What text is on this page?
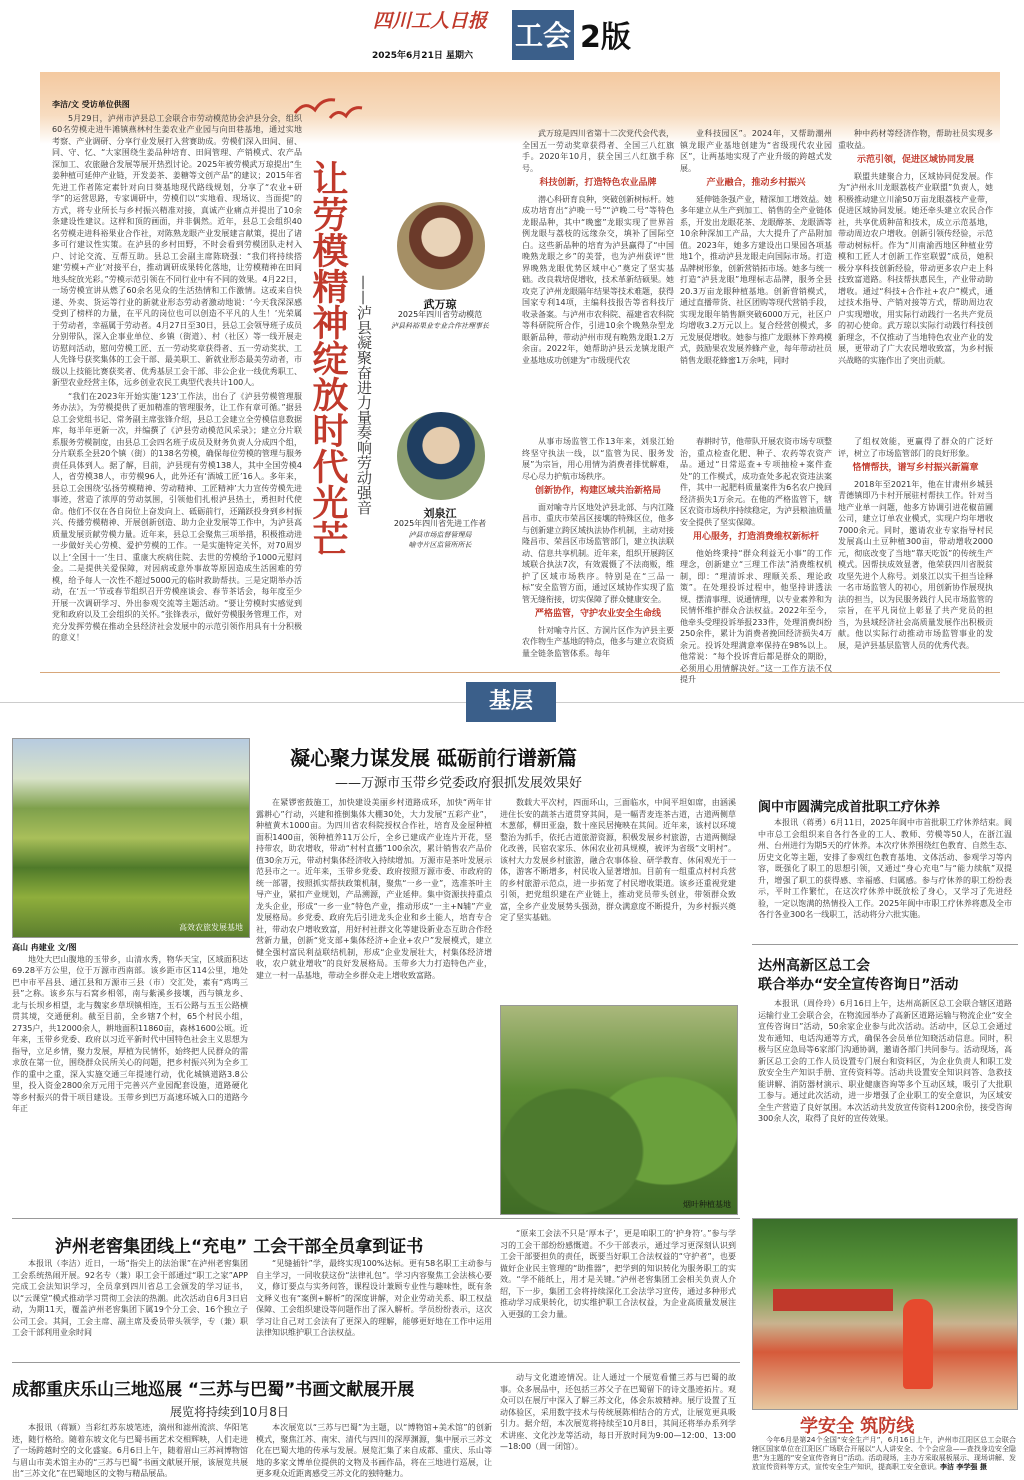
四川工人日报
2025年6月21日 星期六
工会 2版
李洁/文 受访单位供图

5月29日，泸州市泸县总工会联合市劳动模范协会泸县分会，组织60名劳模走进牛滩镇燕林村生姜农业产业园与向田巷基地，通过实地考察、产业调研、分享行业发展打入营赛助成。劳模们深入田间、留、同、守、忆、“大家围绕生姜品种培育、田间管理、产销模式、农产品深加工、农旅融合发展等展开热烈讨论。2025年被劳模武万琼提出“生姜种植可延伸产业链，开发姜茶、姜糖等文创产品”的建议；2015年省先进工作者陈定素针对向日葵基地现代路线规划，分享了“农业+研学”的运营思路，专家调研中，劳模们以“实地看、现场议、当面提”的方式，将专业所长与乡村振兴精准对接，真诚产业痛点并提出了10余条建设性建议。这样和顶的画面，并非偶然。近年，县总工会组织40名劳模走进科裕果业合作社，对陈熟龙眼产业发展建言献策，提出了诸多可行建议性实策。在泸县的乡村田野，不时会看到劳模团队走村入户、讨论交流、互帮互助。县总工会副主席陈晓强：“我们将持续搭建‘劳模+产业’对接平台，推动调研成果转化落地，让劳模精神在田间地头绽放光彩。”劳模示范引领在不同行业中有不同的效果。4月22日，一场劳模宣讲从燃了60余名见众的生活热情和工作激情。这或来自快递、外卖、货运等行业的新就业形态劳动者激动地说：‘今天我深深感受到了榜样的力量，在平凡的岗位也可以创造不平凡的人生！’光荣属于劳动者，幸福属于劳动者。4月27日至30日，县总工会领导班子成员分别带队，深入企事业单位、乡镇（街道）、村（社区）等一线开展走访慰问活动，慰问劳模工匠、五一劳动奖章获得者、五一劳动奖状、工人先锋号获奖集体的工会干部、最美职工、新就业形态最美劳动者，市级以上技能比赛获奖者、优秀基层工会干部、非公企业一线优秀职工、新型农业经营主体，远乡创业农民工典型代表共计100人。

“我们在2023年开始实施‘123’工作法，出台了《泸县劳模管理服务办法》，为劳模提供了更加精准的管理服务，让工作有章可循。”据县总工会党组书记、常务副主席张锋介绍，县总工会建立全劳模信息数据库，每半年更新一次，并编撰了《泸县劳动模范风采录》；建立分片联系服务劳模制度，由县总工会四名班子成员及财务负责人分成四个组，分片联系全县20个镇（街）的138名劳模，确保每位劳模的管理与服务责任具体到人。据了解，目前，泸县现有劳模138人，其中全国劳模4人，省劳模38人，市劳模96人，此外还有‘酒城工匠’16人。多年来，县总工会围绕‘弘扬劳模精神、劳动精神、工匠精神’大力宣传劳模先进事迹，营造了浓厚的劳动氛围，引领他们扎根泸县热土，勇担时代使命。他们不仅在各自岗位上奋发向上、砥砺前行，还踊跃投身到乡村振兴、传播劳模精神、开展创新创造、助力企业发展等工作中，为泸县高质量发展贡献劳模力量。近年来，县总工会聚焦三项举措，积极推动进一步做好关心劳模、爱护劳模的工作。一是实施特定关怀，对70周岁以上‘全国十一’生日、重康大疾病住院、去世的劳模给予1000元慰问金。二是提供关爱保障，对因病或意外事故等原因造成生活困难的劳模，给予每人一次性不超过5000元的临时救助帮扶。三是定期举办活动，在‘五一’节或春节组织召开劳模座谈会、春节茶话会，每年度至少开展一次调研学习、外出参观交流等主题活动。“要让劳模时实感觉到党和政府以及工会组织的关怀。”张锋表示，做好劳模服务管理工作，对充分发挥劳模在推动全县经济社会发展中的示范引领作用具有十分积极的意义！

让劳模精神绽放时代光芒 ——泸县凝聚奋进力量奏响劳动强音	武万琼
2025年四川省劳动模范
泸县科裕果业专业合作社理事长
刘泉江
2025年四川省先进工作者
泸县市场监督管理局
喻寺片区监管所所长

武万琼是四川省第十二次党代会代表，全国五一劳动奖章获得者、全国三八红旗手。2020年10月，获全国三八红旗手称号。

科技创新，打造特色农业品牌

潜心科研育良种，突破创新树标杆。她成功培育出“泸晚一号”“泸晚二号”等特色龙眼品种，其中“晚蜜”龙眼实现了世界首例龙眼与荔枝的远缘杂交，填补了国际空白。这些新品种的培育为泸县赢得了“中国晚熟龙眼之乡”的美誉，也为泸州获评“世界晚熟龙眼优势区域中心”奠定了坚实基础。改良栽培促增收，技术革新结硕果。她攻克了泸州龙眼隔年结果等技术难题，获得国家专利14项，主编科技报告等省科技厅收录备案。与泸州市农科院、福建省农科院等科研院所合作，引进10余个晚熟杂型龙眼新品种，带动泸州市现有晚熟龙眼1.2万余亩。2022年，她帮助泸县云龙镇龙眼产业基地成功创建为“市级现代农

业科技园区”。2024年，又帮助潮州镇龙眼产业基地创建为“省级现代农业园区”，让两基地实现了产业升级的跨越式发展。

产业融合，推动乡村振兴

延伸链条强产业，精深加工增效益。她多年建立从生产到加工、销售的全产业链体系，开发出龙眼花茶、龙眼醇茶、龙眼酒等10余种深加工产品，大大提升了产品附加值。2023年，她多方建设出口果园各项基地1个，推动泸县龙眼走向国际市场。打造品牌树形象，创新营销拓市场。她多与统一打造“泸县龙眼”地理标志品牌，服务全县20.3万亩龙眼种植基地。创新营销模式，通过直播带货、社区团购等现代营销手段，实现龙眼年销售额突破6000万元，社区户均增收3.2万元以上。复合经营创模式，多元发展促增收。她参与推广龙眼林下养鸡模式，鼓励果农发展养蜂产业，每年带动社员销售龙眼花蜂蜜1万余吨，同时

种中药材等经济作物，帮助社员实现多重收益。

示范引领，促进区域协同发展

联盟共建聚合力，区域协同促发展。作为“泸州永川龙眼荔枝产业联盟”负责人，她积极推动建立川渝50万亩龙眼荔枝产业带，促进区域协同发展。她还牵头建立农民合作社，共享优质种苗和技术，成立示范基地，带动周边农户增收。创新引领传经验，示范带动树标杆。作为“川南渝西地区种植业劳模和工匠人才创新工作室联盟”成员，她积极分享科技创新经验，带动更多农户走上科技致富道路。科技帮扶惠民生，产业带动助增收。通过“科技+合作社+农户”模式，通过技术指导、产销对接等方式，帮助周边农户实现增收，用实际行动践行一名共产党员的初心使命。武万琼以实际行动践行科技创新理念，不仅推动了当地特色农业产业的发展，更带动了广大农民增收致富，为乡村振兴战略的实施作出了突出贡献。

从事市场监管工作13年来，刘泉江始终坚守执法一线，以“监管为民、服务发展”为宗旨，用心用情为消费者排忧解难，尽心尽力护航市场秩序。

创新协作，构建区域共治新格局

面对喻寺片区地处泸县北部、与内江隆昌市、重庆市荣昌区接壤的特殊区位，他多与创新建立跨区域执法协作机制，主动对接隆昌市、荣昌区市场监管部门，建立执法联动、信息共享机制。近年来，组织开展跨区域联合执法7次，有效震慑了不法商贩，维护了区域市场秩序。特别是在“三品一标”安全监管方面，通过区域协作实现了监管无缝衔接，切实保障了群众健康安全。

严格监管，守护农业安全生命线

针对喻寺片区、方洞片区作为泸县主要农作物生产基地的特点，他多与建立农资质量全链条监管体系。每年

春耕时节，他带队开展农资市场专项整治，重点检查化肥、种子、农药等农资产品。通过“日常巡查+专项抽检+案件查处”的工作模式，成功查处多起农资违法案件，其中一起肥料质量案件为6名农户挽回经济损失1万余元。在他的严格监管下，辖区农资市场秩序持续稳定，为泸县粮油质量安全提供了坚实保障。

用心服务，打造消费维权新标杆

他始终秉持“群众利益无小事”的工作理念，创新建立“三理工作法”消费维权机制，即：“理清诉求、理顺关系、理论政策”。在处理投诉过程中，他坚持讲透法规、摆清事理、说通情理，以专业素养和为民情怀维护群众合法权益。2022年至今，他牵头受理投诉举报233件，处理消费纠纷250余件，累计为消费者挽回经济损失4万余元。投诉处理满意率保持在98%以上。他常说：“每个投诉背后都是群众的期盼，必须用心用情解决好。”这一工作方法不仅提升

了组权效能，更赢得了群众的广泛好评，树立了市场监管部门的良好形象。

恪情帮扶，谱写乡村振兴新篇章

2018年至2021年，他在甘肃州乡城县青德镇即乃卡村开展驻村帮扶工作。针对当地产业单一问题，他多方协调引进花椒苗圃公司，建立订单农业模式，实现户均年增收7000余元。同时，邀请农业专家指导村民发展高山土豆种植300亩，带动增收2000元，彻底改变了当地“靠天吃饭”的传统生产模式。因帮扶成效显著，他荣获四川省脱贫攻坚先进个人称号。刘泉江以实干担当诠释一名市场监管人的初心，用创新协作展现执法的担当，以为民服务践行人民市场监管的宗旨，在平凡岗位上彰显了共产党员的担当，为县域经济社会高质量发展作出积极贡献。他以实际行动推动市场监管事业的发展，是泸县基层监管人员的优秀代表。

基层
凝心聚力谋发展 砥砺前行谱新篇
——万源市玉带乡党委政府狠抓发展效果好
高效农旅发展基地
高山 冉建业 文/图

地处大巴山腹地的玉带乡，山清水秀，物华天宝，区域面积达69.28平方公里，位于万源市西南部。该乡距市区114公里，地处巴中市平昌县、通江县和万源市三县（市）交汇处，素有“鸡鸣三县”之称。该乡东与石窝乡相邻，南与紫溪乡接壤，西与镇龙乡、北与长坝乡相望，北与魏家乡草坝镇相连，玉石公路与五玉公路横贯其境，交通便利。截至目前，全乡辖7个村，65个村民小组，2735户，共12000余人，耕地面积11860亩，森林1600公顷。近年来，玉带乡党委、政府以习近平新时代中国特色社会主义思想为指导，立足乡情，聚力发展，厚植为民情怀，始终把人民群众的需求放在第一位，围绕群众民所关心的问题，把乡村振兴列为全乡工作的重中之重，深入实施交通三年提速行动，优化城镇道路3.8公里，投入资金2800余万元用于完善兴产业园配套设施，道路硬化等乡村振兴的骨干项目建设。玉带乡到巴万高速环城入口的道路今年正

在紧锣密鼓施工，加快建设美丽乡村道路成环，加快“两年甘露耕心”行动，兴建和推倒集体大棚30处，大力发展“五彩产业”，种植黄木1000亩。为四川省农科院授权合作社，培育及金屋种植面积1400亩，领种植养11万公斤，全乡已建成产业连片开花，坚持带农，助农增收，带动“村村直播”100余次，累计销售农产品价值30余万元，带动村集体经济收入持续增加。万源市是茶叶发展示范县市之一。近年来，玉带乡党委、政府按照万源市委、市政府的统一部署，按照抓实帮扶政策机制，聚焦“一乡一业”，选准茶叶主导产业，紧扣产业规划，产品溯源，产业延伸。集中资源扶持重点龙头企业，形成“一乡一业”特色产业，推动形成“一主+N辅”产业发展格局。乡党委、政府先后引进龙头企业和乡土能人，培育专合社，带动农户增收致富，用好村社群文化等建设新业态互助合作经营新力量，创新“党支部+集体经济+企业+农户”发展模式，建立健全强村富民利益联结机制，形成“企业发展壮大，村集体经济增收，农户就业增收”的良好发展格局。玉带乡大力打造特色产业，建立一村一品基地，带动全乡群众走上增收致富路。

数载大平次村，四面环山，三面临水，中间平坦如席，由涵溪进住长安的蔬茶古道贯穿其间，是一幅青麦连茶古道，古道两侧草木葱郁，柳田亚盎，数十座民居掩映在其间。近年来，该村以环境整治为抓手，依托古道旅游资源，积极发展乡村旅游，古道两侧绿化改善，民宿农家乐、休闲农业初具规模，被评为省级“文明村”。该村大力发展乡村旅游，融合农事体验、研学教育、休闲观光于一体，游客不断增多，村民收入显著增加。目前有一组重点村村兵营的乡村旅游示范点，进一步拓宽了村民增收渠道。该乡还重视党建引领，把党组织建在产业链上，推动党员带头创业，带领群众致富，全乡产业发展势头强劲，群众满意度不断提升，为乡村振兴奠定了坚实基础。

烟叶种植基地
阆中市圆满完成首批职工疗休养

本报讯（蒋勇）6月11日，2025年阆中市首批职工疗休养结束。阆中市总工会组织来自各行各业的工人、教师、劳模等50人，在浙江温州、台州进行为期5天的疗休养。本次疗休养围绕红色教育、自然生态、历史文化等主题，安排了参观红色教育基地、文体活动、参观学习等内容，既强化了职工的思想引领，又通过“身心充电”与“能力续航”双提升，增强了职工的获得感、幸福感、归属感。参与疗休养的职工纷纷表示，平时工作繁忙，在这次疗休养中既放松了身心，又学习了先进经验，一定以饱满的热情投入工作。2025年阆中市职工疗休养将惠及全市各行各业300名一线职工，活动将分六批实施。

达州高新区总工会
联合举办“安全宣传咨询日”活动

本报讯（周伶玲）6月16日上午，达州高新区总工会联合辖区道路运输行业工会联合会，在物流园举办了高新区道路运输与物流企业“安全宣传咨询日”活动，50余家企业参与此次活动。活动中，区总工会通过发布通知、电话沟通等方式，确保各会员单位知晓活动信息。同时，积极与区应急局等6家部门沟通协调，邀请各部门共同参与。活动现场，高新区总工会的工作人员设置专门展台和资料区，为企业负责人和职工发放安全生产知识手册、宣传资料等。活动共设置安全知识问答、急救技能讲解、消防器材演示、职业健康咨询等多个互动区域，吸引了大批职工参与。通过此次活动，进一步增强了企业职工的安全意识，为区域安全生产营造了良好氛围。本次活动共发放宣传资料1200余份，接受咨询300余人次，取得了良好的宣传效果。

泸州老窖集团线上“充电” 工会干部全员拿到证书

本报讯（李洁）近日，一场“指尖上的法治课”在泸州老窖集团工会系统热闹开展。92名专（兼）职工会干部通过“职工之家”APP完成工会法知识学习，全员拿到四川省总工会颁发的学习证书，以“云课堂”模式推动学习贯彻工会法的热潮。此次活动自6月3日启动，为期11天，覆盖泸州老窖集团下属19个分工会、16个独立子公司工会。其间，工会主席、副主席及委员带头领学，专（兼）职工会干部利用业余时间

“见缝插针”学，最终实现100%达标。更有58名职工主动参与自主学习，一同收获这份“法律礼包”。学习内容聚焦工会法核心要义，修订要点与实务问答，课程设计兼顾专业性与趣味性，既有条文释义也有“案例+解析”的深度讲解，对企业劳动关系、职工权益保障、工会组织建设等问题作出了深入解析。学员纷纷表示，这次学习让自己对工会法有了更深入的理解，能够更好地在工作中运用法律知识维护职工合法权益。

“原来工会法不只是‘厚本子’，更是咱职工的‘护身符’。”参与学习的工会干部纷纷感慨道。不少干部表示，通过学习更深刻认识到工会干部要担负的责任，既要当好职工合法权益的“守护者”，也要做好企业民主管理的“助推器”，把学到的知识转化为服务职工的实效。“学不能纸上，用才是关键。”泸州老窖集团工会相关负责人介绍，下一步，集团工会将持续深化工会法学习宣传，通过多种形式推动学习成果转化，切实维护职工合法权益，为企业高质量发展注入更强的工会力量。

成都重庆乐山三地巡展 “三苏与巴蜀”书画文献展开展
展览将持续到10月8日

本报讯（蒋颖）当彩红苏东坡笔迹，滴州和滤州流滨、华阳笔迹，随行格给。随着东坡文化与巴蜀书画艺术交相辉映，人们走进了一场跨越时空的文化盛宴。6月6日上午，随着眉山三苏祠博物馆与眉山市美术馆主办的“三苏与巴蜀”书画文献展开展，该展览共展出“三苏文化”在巴蜀地区的文物与精品展品。

本次展览以“三苏与巴蜀”为主题，以“博物馆+美术馆”的创新模式，聚焦江苏、南宋、清代与四川的深厚渊源，集中展示三苏文化在巴蜀大地的传承与发展。展览汇集了来自成都、重庆、乐山等地的多家文博单位提供的文物及书画作品，将在三地进行巡展，让更多观众近距离感受三苏文化的独特魅力。

动与文化遗迹情况。让人通过一个展览看懂三苏与巴蜀的故事。众多展品中，还包括三苏父子在巴蜀留下的诗文墨迹拓片。观众可以在展厅中深入了解三苏文化，体会东坡精神。展厅设置了互动体验区，采用数字技术与传统展陈相结合的方式，让展览更具吸引力。据介绍，本次展览将持续至10月8日，其间还将举办系列学术讲座、文化沙龙等活动，每日开放时间为9:00—12:00、13:00—18:00（周一闭馆）。

学安全 筑防线

今年6月是第24个全国“安全生产月”，6月16日上午，泸州市江阳区总工会联合辖区国家单位在江阳区广场联合开展以“人人讲安全、个个会应急——查找身边安全隐患”为主题的“安全宣传咨询日”活动。活动现场，主办方采取展板展示、现场讲解、发放宣传资料等方式，宣传安全生产知识，提高职工安全意识。 李洁 李学强 摄
